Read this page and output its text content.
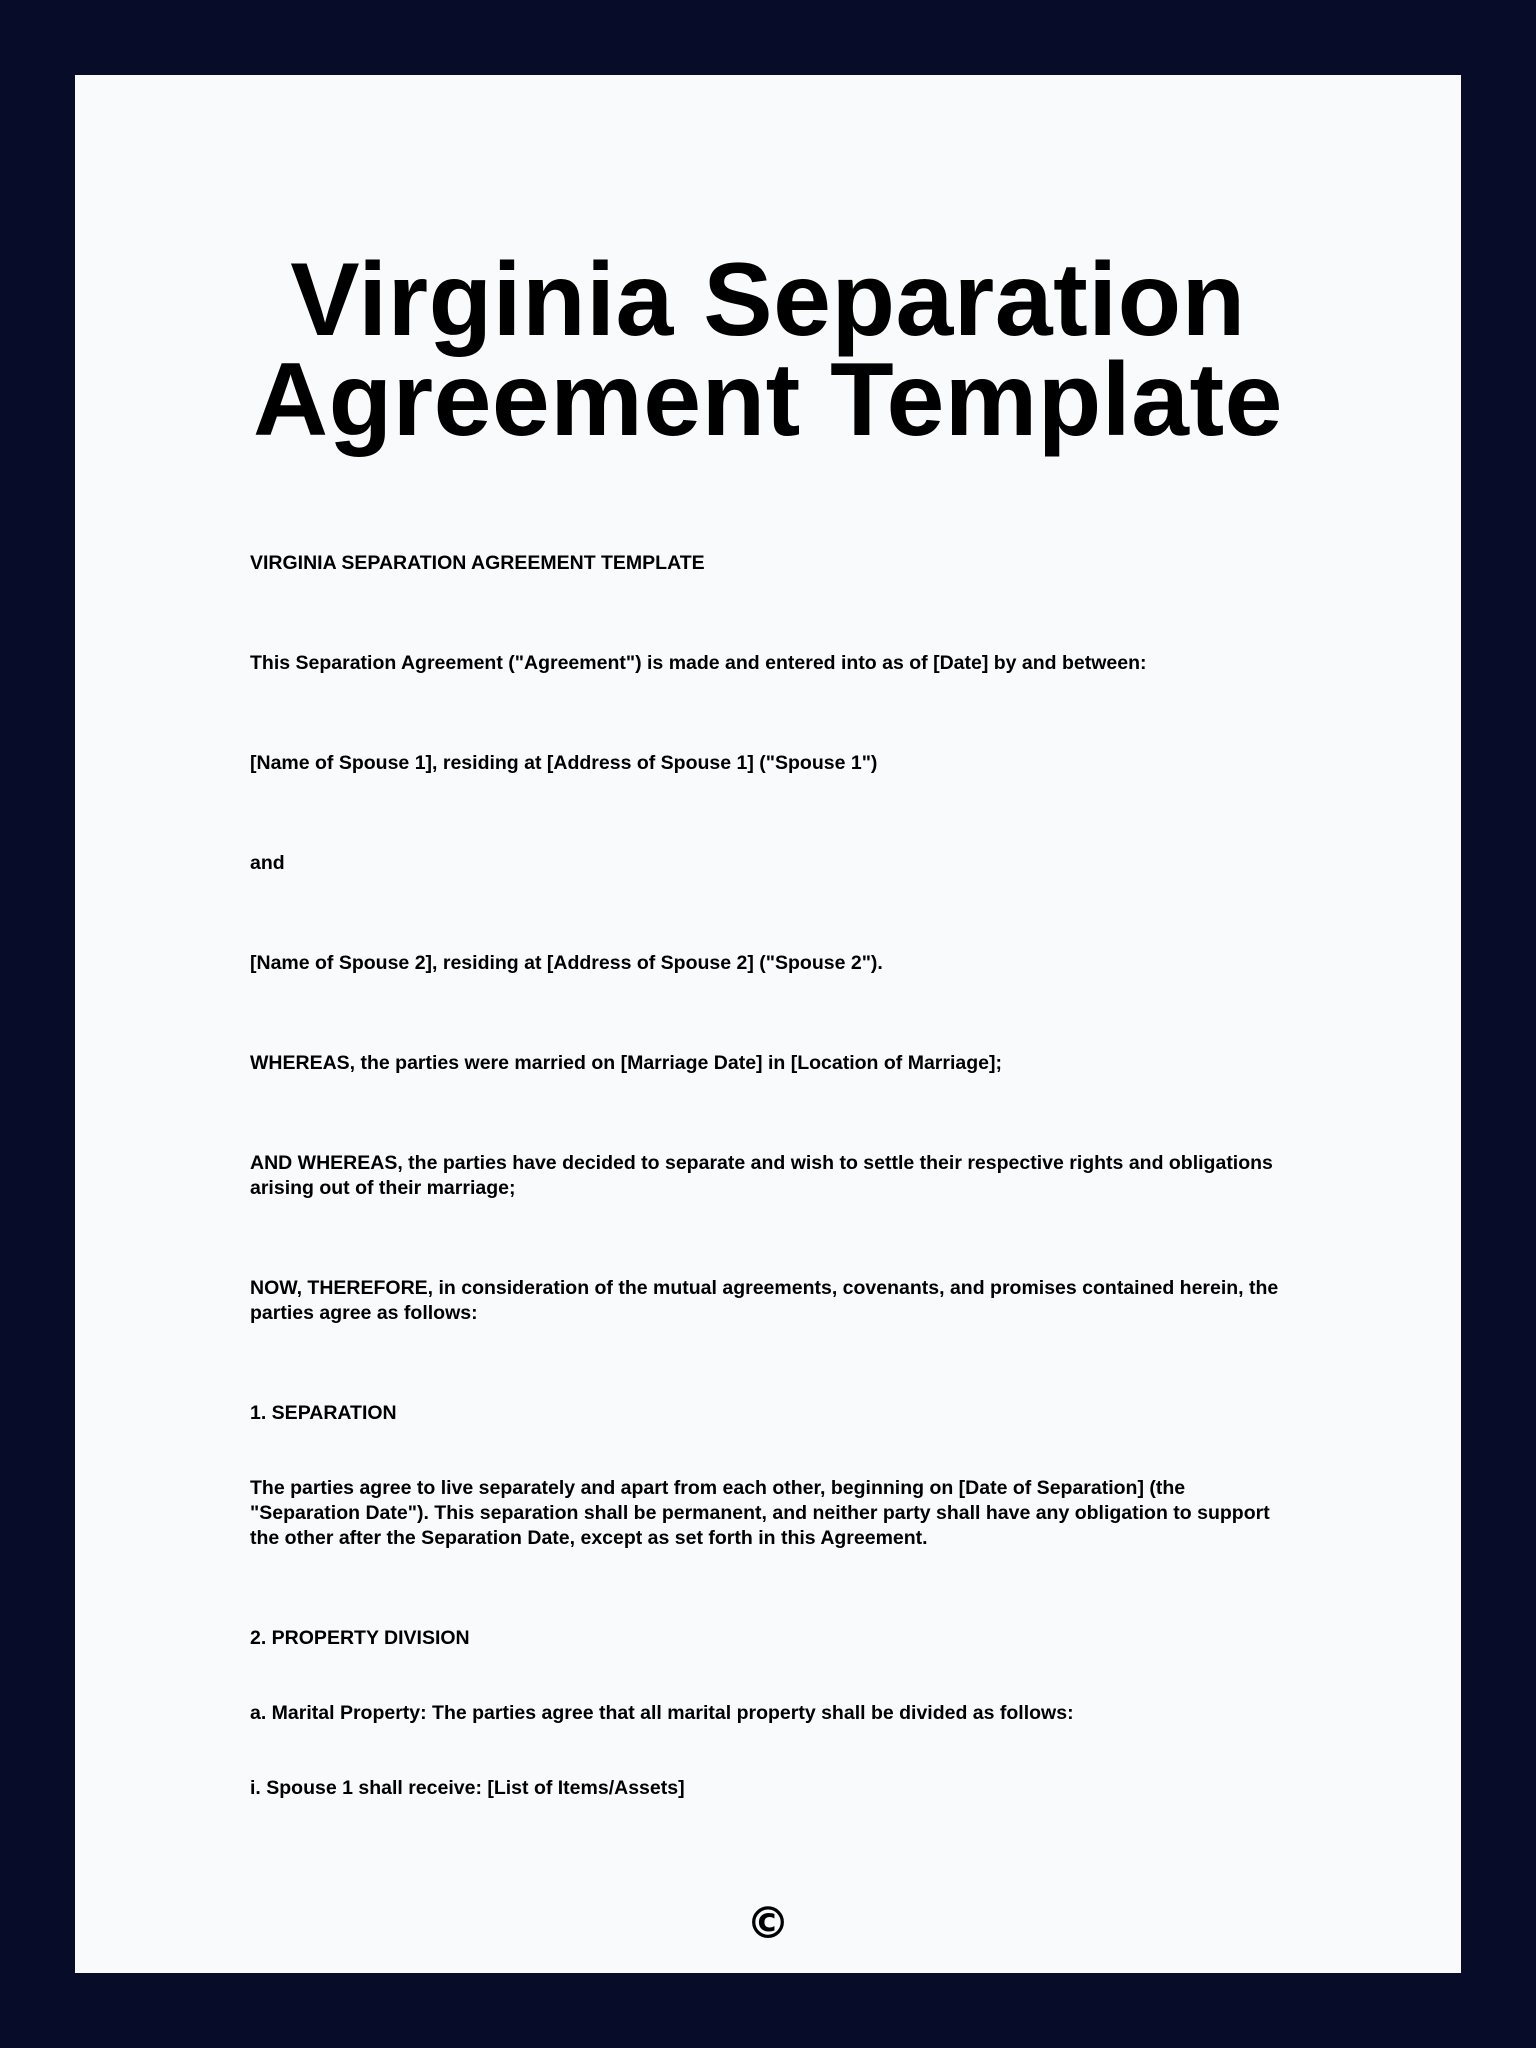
Virginia Separation
Agreement Template

VIRGINIA SEPARATION AGREEMENT TEMPLATE

This Separation Agreement ("Agreement") is made and entered into as of [Date] by and between:

[Name of Spouse 1], residing at [Address of Spouse 1] ("Spouse 1")

and

[Name of Spouse 2], residing at [Address of Spouse 2] ("Spouse 2").

WHEREAS, the parties were married on [Marriage Date] in [Location of Marriage];

AND WHEREAS, the parties have decided to separate and wish to settle their respective rights and obligations arising out of their marriage;

NOW, THEREFORE, in consideration of the mutual agreements, covenants, and promises contained herein, the parties agree as follows:

1. SEPARATION

The parties agree to live separately and apart from each other, beginning on [Date of Separation] (the "Separation Date"). This separation shall be permanent, and neither party shall have any obligation to support the other after the Separation Date, except as set forth in this Agreement.

2. PROPERTY DIVISION

a. Marital Property: The parties agree that all marital property shall be divided as follows:

i. Spouse 1 shall receive: [List of Items/Assets]

©
